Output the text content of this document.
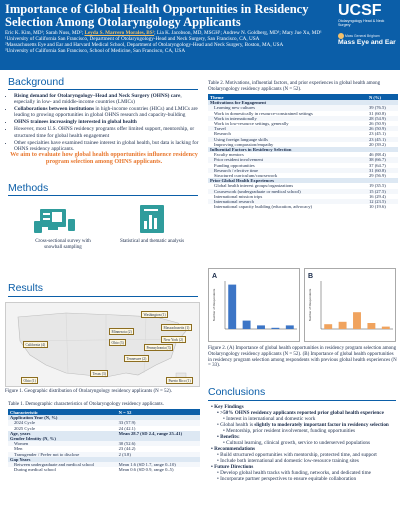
Importance of Global Health Opportunities in Residency Selection Among Otolaryngology Applicants
Eric K. Kim, MD¹; Sarah Nuss, MD²; Leyda S. Marrero Morales, BS¹; Lia K. Jacobson, MD, MSGH¹; Andrew N. Goldberg, MD¹; Mary Jue Xu, MD¹
¹University of California San Francisco, Department of Otolaryngology-Head and Neck Surgery, San Francisco, CA, USA
²Massachusetts Eye and Ear and Harvard Medical School, Department of Otolaryngology-Head and Neck Surgery, Boston, MA, USA
³University of California San Francisco, School of Medicine, San Francisco, CA, USA
UCSF
Otolaryngology Head & Neck Surgery
Mass General Brigham
Mass Eye and Ear
Background
• Rising demand for Otolaryngology–Head and Neck Surgery (OHNS) care, especially in low- and middle-income countries (LMICs)
• Collaborations between institutions in high-income countries (HICs) and LMICs are leading to growing opportunities in global OHNS research and capacity-building
• OHNS trainees increasingly interested in global health
• However, most U.S. OHNS residency programs offer limited support, mentorship, or structured time for global health engagement
• Other specialties have examined trainee interest in global health, but data is lacking for OHNS residency applicants.
We aim to evaluate how global health opportunities influence residency program selection among OHNS applicants.
Methods
Cross-sectional survey with snowball sampling
Statistical and thematic analysis
Results
Minnesota (2)
Massachusetts (1)
New York (2)
California (4)	Ohio (3)
Pennsylvania (3)
Tennessee (2)
Texas (3)
Puerto Rico (1)
Ohio (1)
Washington (1)
Figure 1. Geographic distribution of Otolaryngology residency applicants (N = 52).
Table 1. Demographic characteristics of Otolaryngology residency applicants.
Characteristic	N = 52
Application Year (N, %)	
2024 Cycle	33 (57.9)
2025 Cycle	24 (42.1)
Age, years	Mean 28.7 (SD 2.4, range 25–41)
Gender Identity (N, %)	
Women	30 (52.6)
Men	23 (44.2)
Transgender / Prefer not to disclose	2 (3.8)
Gap Years	
Between undergraduate and medical school	Mean 1.6 (SD 1.7, range 0–10)
During medical school	Mean 0.6 (SD 0.9, range 0–5)
Table 2. Motivations, influential factors, and prior experiences in global health among Otolaryngology residency applicants (N = 52).
Theme	N (%)
Motivations for Engagement	
Learning new cultures	39 (76.5)
Work in domestically in resource-constrained settings	31 (60.8)
Work in internationally	28 (54.9)
Work in low-resource settings, generally	26 (50.9)
Travel	26 (50.9)
Research	23 (45.1)
Using foreign language skills	23 (45.1)
Improving compassion/empathy	20 (39.2)
Influential Factors in Residency Selection	
Faculty mentors	46 (88.4)
Prior resident involvement	38 (66.7)
Funding opportunities	37 (64.7)
Research / elective time	31 (60.8)
Structured curriculum/coursework	29 (56.9)
Prior Global Health Experiences	
Global health interest groups/organizations	19 (35.5)
Coursework (undergraduate or medical school)	15 (27.5)
International mission trips	16 (29.4)
International research	12 (23.5)
International capacity building (education, advocacy)	10 (19.6)
A
Number of Respondents
B
Number of Respondents
Figure 2. (A) Importance of global health opportunities in residency program selection among Otolaryngology residency applicants (N = 52). (B) Importance of global health opportunities in residency program selection among respondents with previous global health experiences (N = 33).
Conclusions
• Key Findings
• >50% OHNS residency applicants reported prior global health experience
• Interest in international and domestic work
• Global health is slightly to moderately important factor in residency selection
• Mentorship, prior resident involvement, funding opportunities
• Benefits:
• Cultural learning, clinical growth, service to underserved populations
• Recommendations
• Build structured opportunities with mentorship, protected time, and support
• Include both international and domestic low-resource training sites
• Future Directions
• Develop global health tracks with funding, networks, and dedicated time
• Incorporate partner perspectives to ensure equitable collaboration
